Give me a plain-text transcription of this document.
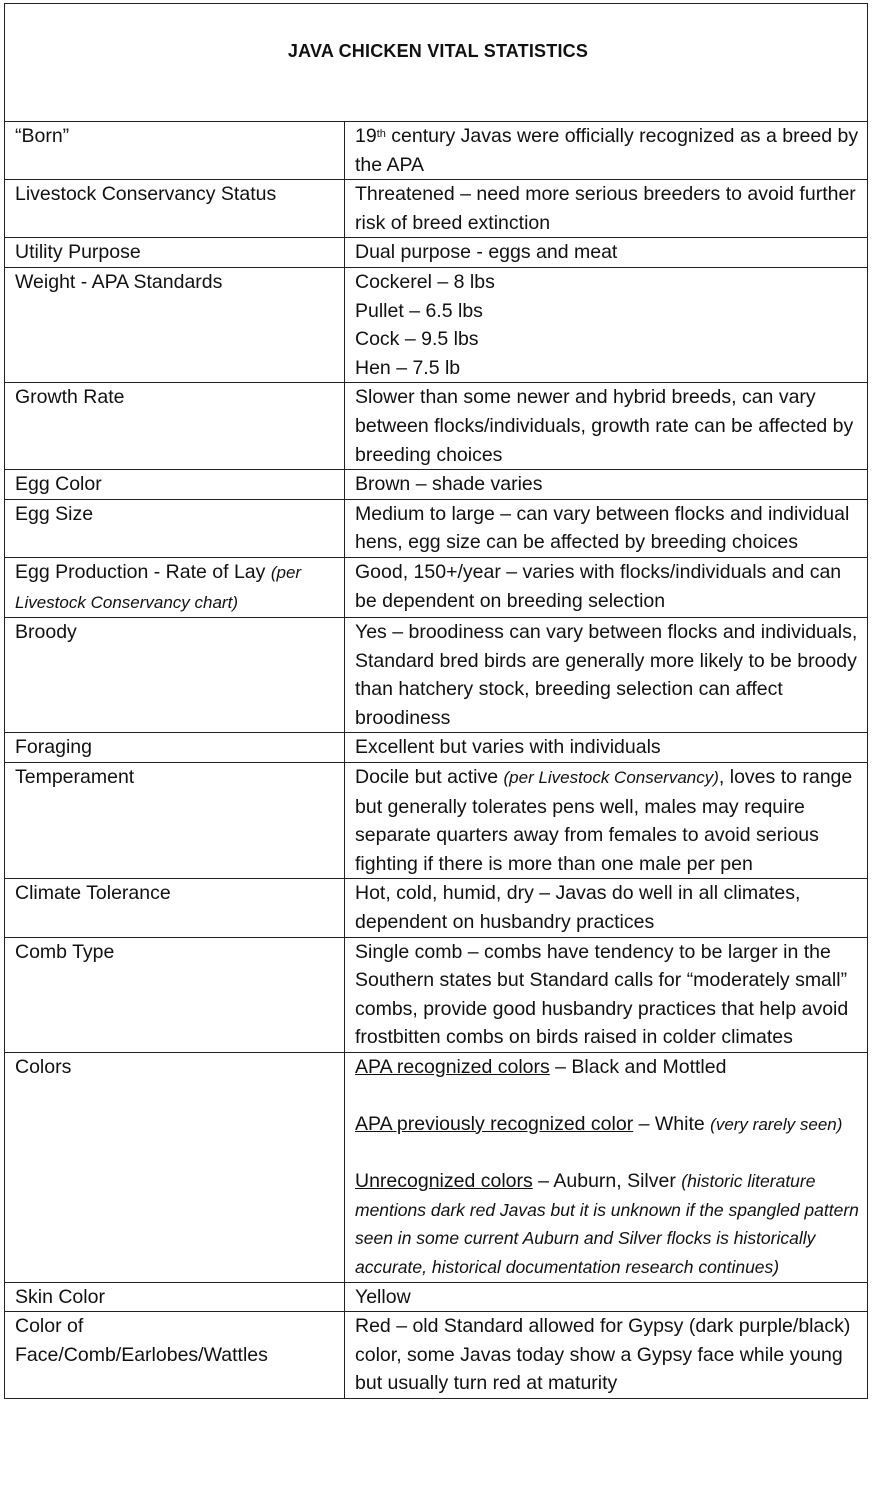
JAVA CHICKEN VITAL STATISTICS	
“Born”	19th century Javas were officially recognized as a breed by the APA
Livestock Conservancy Status	Threatened – need more serious breeders to avoid further risk of breed extinction
Utility Purpose	Dual purpose - eggs and meat
Weight - APA Standards	Cockerel – 8 lbs
Pullet – 6.5 lbs
Cock – 9.5 lbs
Hen – 7.5 lb

Growth Rate	Slower than some newer and hybrid breeds, can vary between flocks/individuals, growth rate can be affected by breeding choices
Egg Color	Brown – shade varies
Egg Size	Medium to large – can vary between flocks and individual hens, egg size can be affected by breeding choices
Egg Production - Rate of Lay (per Livestock Conservancy chart)	Good, 150+/year – varies with flocks/individuals and can be dependent on breeding selection
Broody	Yes – broodiness can vary between flocks and individuals, Standard bred birds are generally more likely to be broody than hatchery stock, breeding selection can affect broodiness
Foraging	Excellent but varies with individuals
Temperament	Docile but active (per Livestock Conservancy), loves to range but generally tolerates pens well, males may require separate quarters away from females to avoid serious fighting if there is more than one male per pen
Climate Tolerance	Hot, cold, humid, dry – Javas do well in all climates, dependent on husbandry practices
Comb Type	Single comb – combs have tendency to be larger in the Southern states but Standard calls for “moderately small” combs, provide good husbandry practices that help avoid frostbitten combs on birds raised in colder climates
Colors	APA recognized colors – Black and Mottled
APA previously recognized color – White (very rarely seen)
Unrecognized colors – Auburn, Silver (historic literature mentions dark red Javas but it is unknown if the spangled pattern seen in some current Auburn and Silver flocks is historically accurate, historical documentation research continues)

Skin Color	Yellow
Color of Face/Comb/Earlobes/Wattles	Red – old Standard allowed for Gypsy (dark purple/black) color, some Javas today show a Gypsy face while young but usually turn red at maturity
